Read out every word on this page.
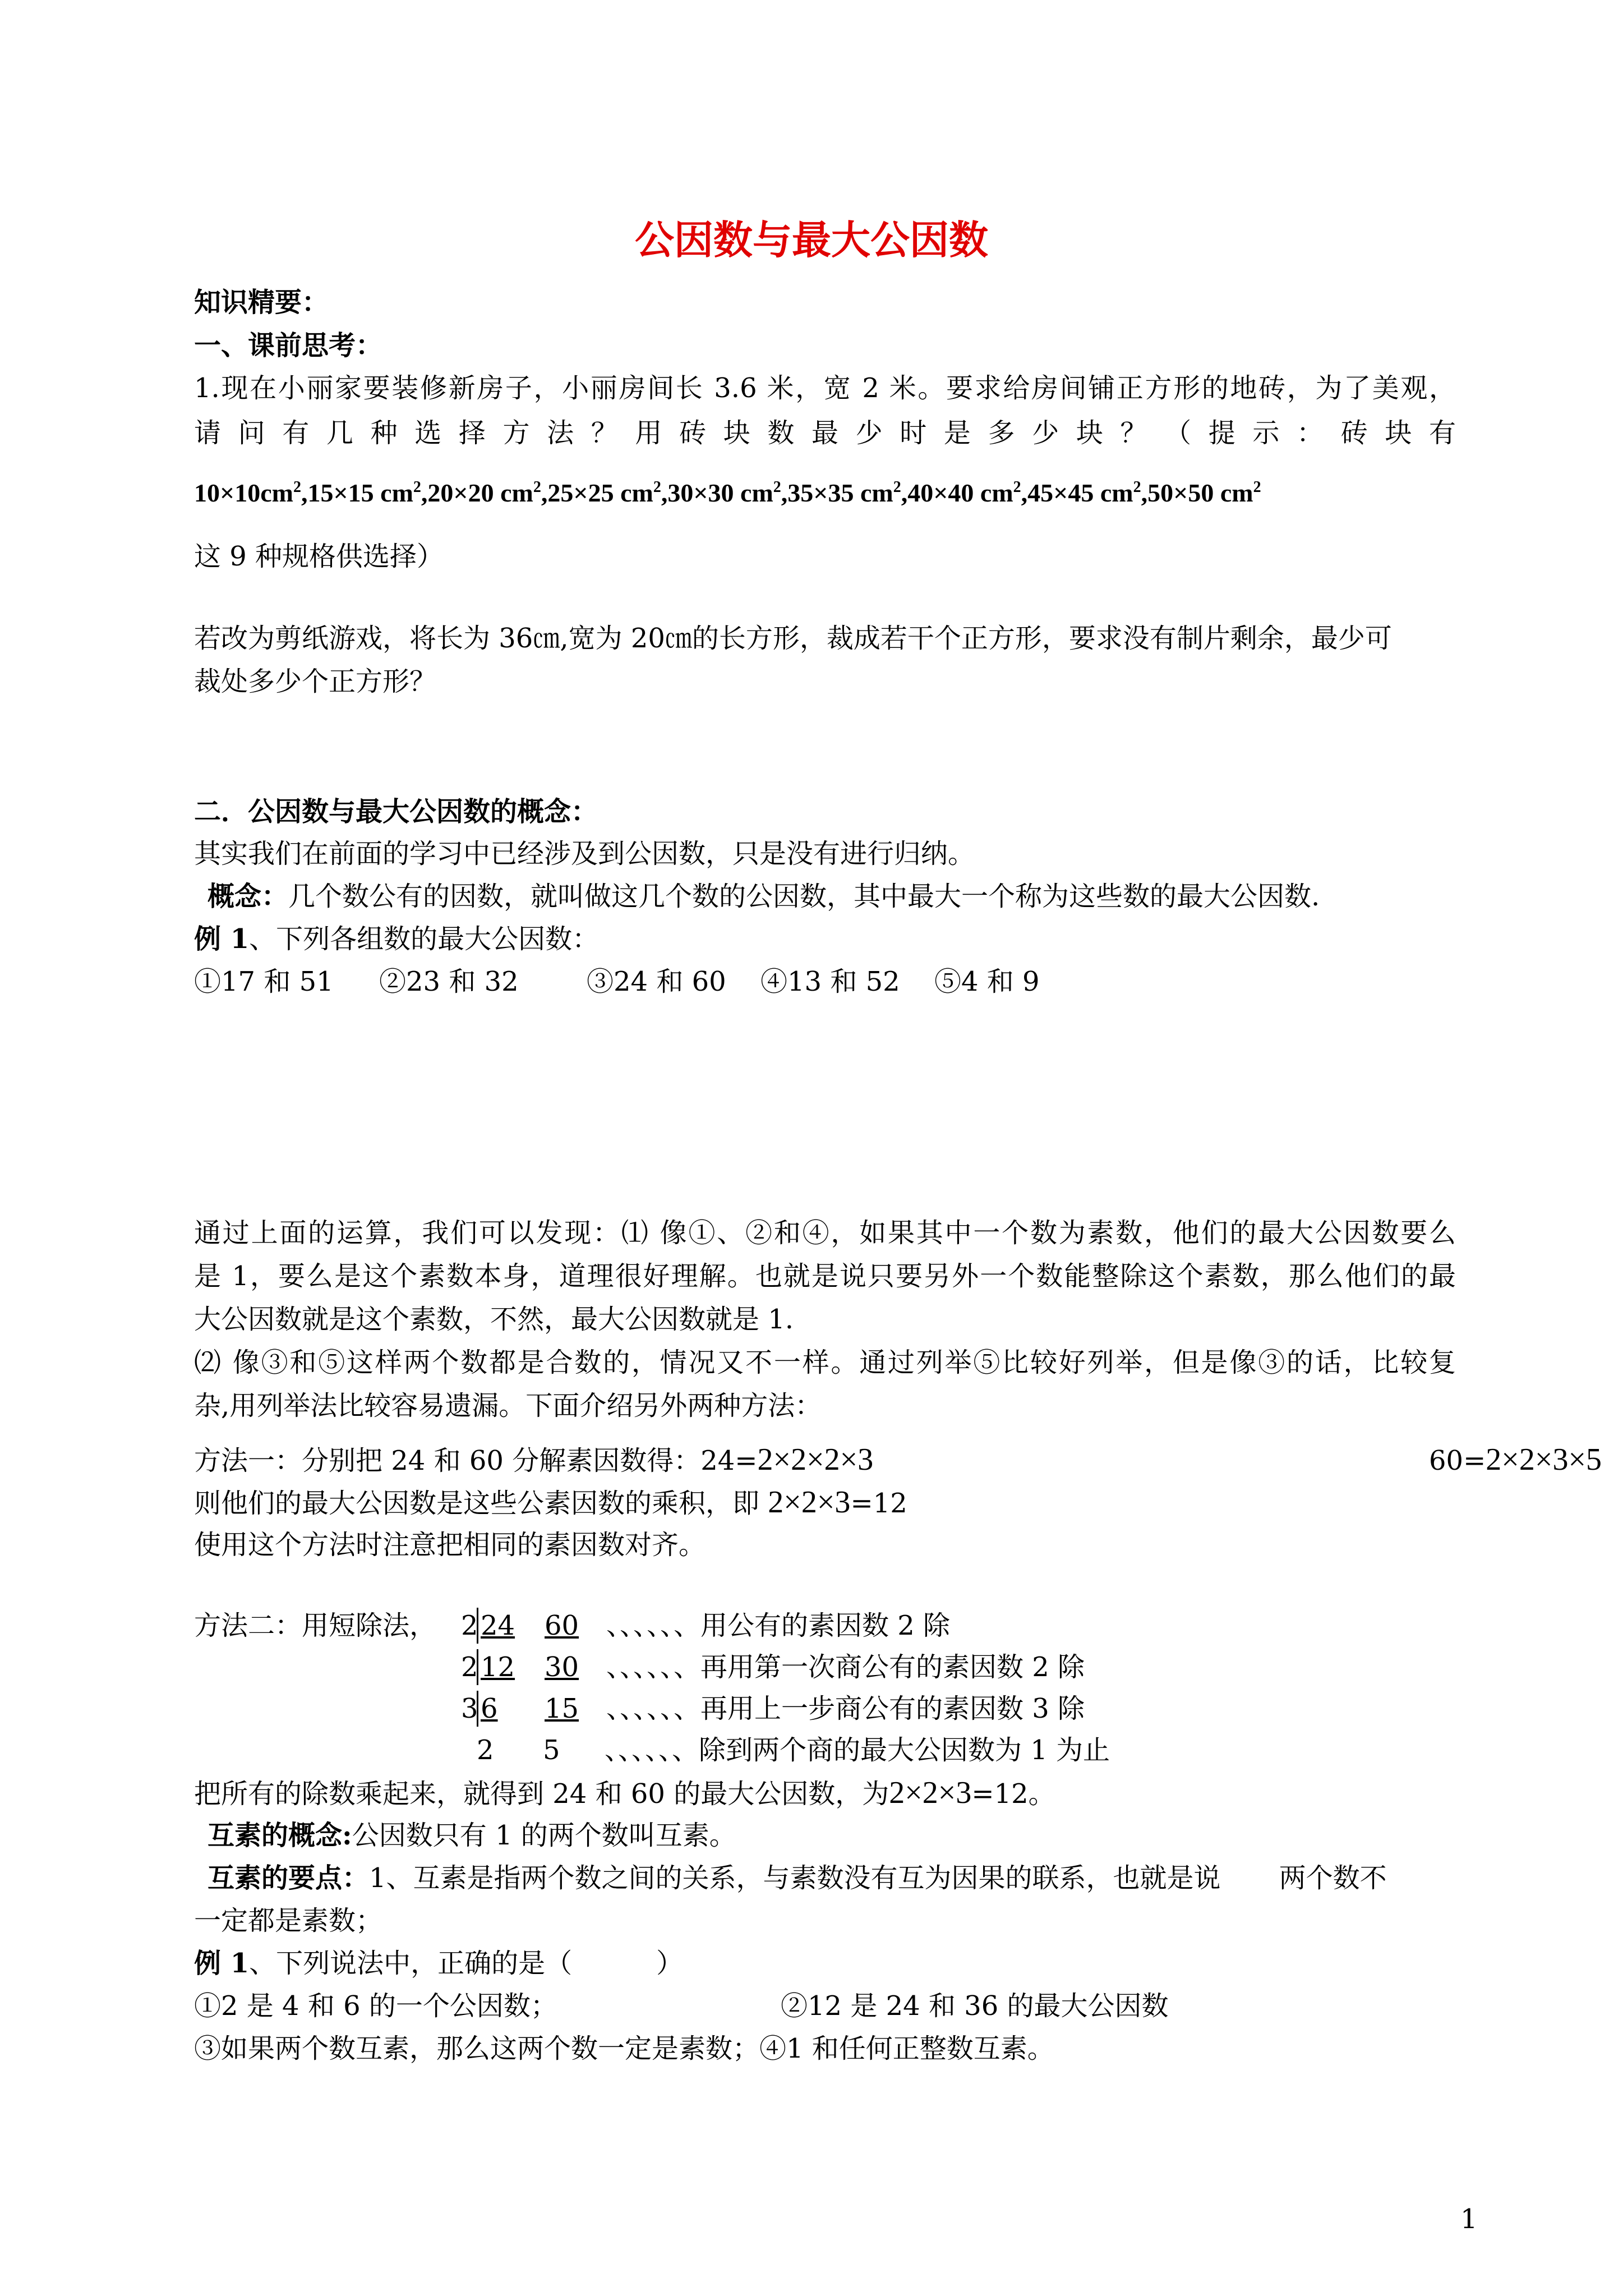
公因数与最大公因数
知识精要：
一、课前思考：
1.现在小丽家要装修新房子，小丽房间长 3.6 米，宽 2 米。要求给房间铺正方形的地砖，为了美观，
请 问 有 几 种 选 择 方 法 ？ 用 砖 块 数 最 少 时 是 多 少 块 ？ （ 提 示 ： 砖 块 有
$10\times 10cm^2,15\times 15$ $cm^2,20\times 20$ $cm^2,25\times 25$ $cm^2,30\times 30$ $cm^2,35\times 35$ $cm^2,40\times 40$ $cm^2,45\times 45$ $cm^2,50\times 50$ $cm^2$
这 9 种规格供选择）
若改为剪纸游戏，将长为 36㎝,宽为 20㎝的长方形，裁成若干个正方形，要求没有制片剩余，最少可
裁处多少个正方形？
二．公因数与最大公因数的概念：
其实我们在前面的学习中已经涉及到公因数，只是没有进行归纳。
概念：几个数公有的因数，就叫做这几个数的公因数，其中最大一个称为这些数的最大公因数.
例 1、下列各组数的最大公因数：
①17 和 51 ②23 和 32	③24 和 60 ④13 和 52 ⑤4 和 9
通过上面的运算，我们可以发现：⑴ 像①、②和④，如果其中一个数为素数，他们的最大公因数要么
是 1，要么是这个素数本身，道理很好理解。也就是说只要另外一个数能整除这个素数，那么他们的最
大公因数就是这个素数，不然，最大公因数就是 1.
⑵ 像③和⑤这样两个数都是合数的，情况又不一样。通过列举⑤比较好列举，但是像③的话，比较复
杂,用列举法比较容易遗漏。下面介绍另外两种方法：
方法一：分别把 24 和 60 分解素因数得：24=2×2×2×3	60=2×2×3×5
则他们的最大公因数是这些公素因数的乘积，即 2×2×3=12
使用这个方法时注意把相同的素因数对齐。
方法二：用短除法， 224 60 、、、、、、用公有的素因数 2 除
212 30 、、、、、、再用第一次商公有的素因数 2 除
36 15 、、、、、、再用上一步商公有的素因数 3 除
2 5 、、、、、、除到两个商的最大公因数为 1 为止
把所有的除数乘起来，就得到 24 和 60 的最大公因数，为2×2×3=12。
互素的概念:公因数只有 1 的两个数叫互素。
互素的要点：1、互素是指两个数之间的关系，与素数没有互为因果的联系，也就是说 两个数不
一定都是素数；
例 1、下列说法中，正确的是（	）
①2 是 4 和 6 的一个公因数；	②12 是 24 和 36 的最大公因数
③如果两个数互素，那么这两个数一定是素数；④1 和任何正整数互素。
1
